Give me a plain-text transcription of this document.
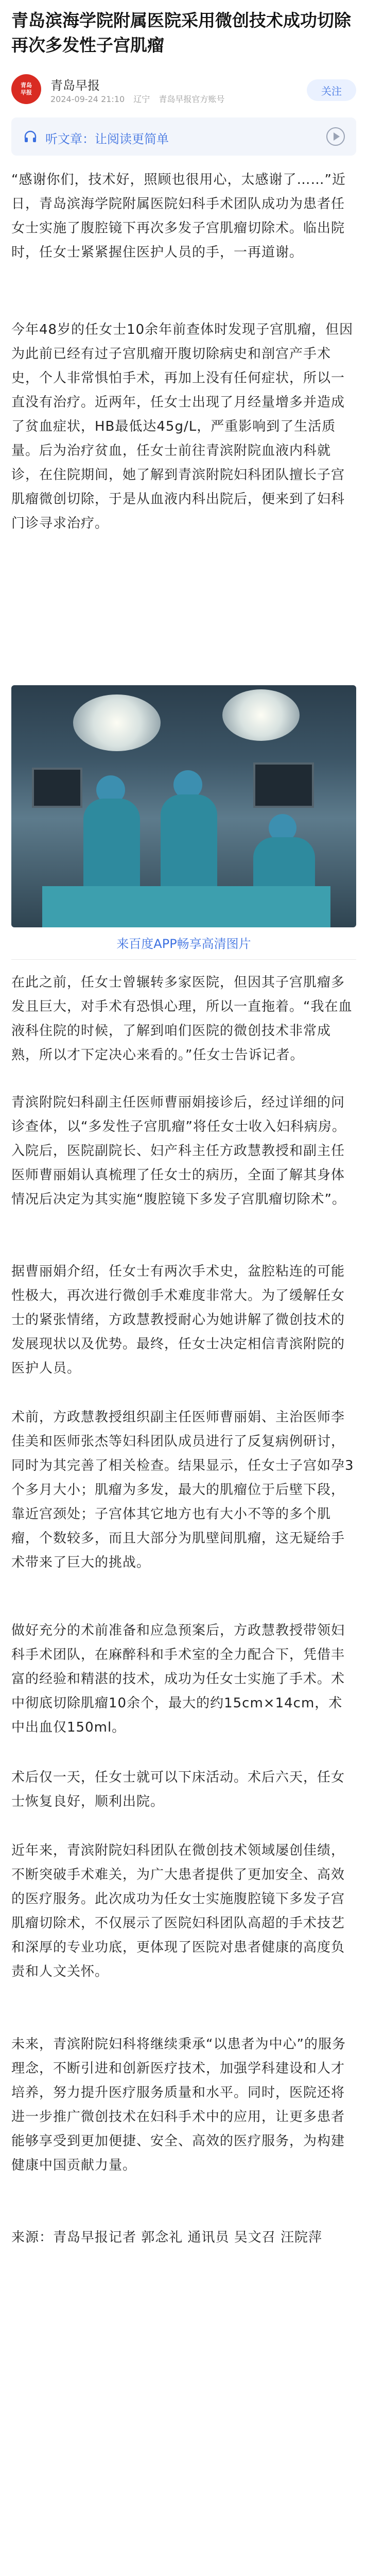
青岛滨海学院附属医院采用微创技术成功切除再次多发性子宫肌瘤
青岛
早报 青岛早报
2024-09-24 21:10 辽宁 青岛早报官方账号
关注
听文章：让阅读更简单

“感谢你们，技术好，照顾也很用心，太感谢了……”近日，青岛滨海学院附属医院妇科手术团队成功为患者任女士实施了腹腔镜下再次多发子宫肌瘤切除术。临出院时，任女士紧紧握住医护人员的手，一再道谢。

今年48岁的任女士10余年前查体时发现子宫肌瘤，但因为此前已经有过子宫肌瘤开腹切除病史和剖宫产手术史，个人非常惧怕手术，再加上没有任何症状，所以一直没有治疗。近两年，任女士出现了月经量增多并造成了贫血症状，HB最低达45g/L，严重影响到了生活质量。后为治疗贫血，任女士前往青滨附院血液内科就诊，在住院期间，她了解到青滨附院妇科团队擅长子宫肌瘤微创切除，于是从血液内科出院后，便来到了妇科门诊寻求治疗。

来百度APP畅享高清图片

在此之前，任女士曾辗转多家医院，但因其子宫肌瘤多发且巨大，对手术有恐惧心理，所以一直拖着。“我在血液科住院的时候，了解到咱们医院的微创技术非常成熟，所以才下定决心来看的。”任女士告诉记者。

青滨附院妇科副主任医师曹丽娟接诊后，经过详细的问诊查体，以“多发性子宫肌瘤”将任女士收入妇科病房。入院后，医院副院长、妇产科主任方政慧教授和副主任医师曹丽娟认真梳理了任女士的病历，全面了解其身体情况后决定为其实施“腹腔镜下多发子宫肌瘤切除术”。

据曹丽娟介绍，任女士有两次手术史，盆腔粘连的可能性极大，再次进行微创手术难度非常大。为了缓解任女士的紧张情绪，方政慧教授耐心为她讲解了微创技术的发展现状以及优势。最终，任女士决定相信青滨附院的医护人员。

术前，方政慧教授组织副主任医师曹丽娟、主治医师李佳美和医师张杰等妇科团队成员进行了反复病例研讨，同时为其完善了相关检查。结果显示，任女士子宫如孕3个多月大小；肌瘤为多发，最大的肌瘤位于后壁下段，靠近宫颈处；子宫体其它地方也有大小不等的多个肌瘤，个数较多，而且大部分为肌壁间肌瘤，这无疑给手术带来了巨大的挑战。

做好充分的术前准备和应急预案后，方政慧教授带领妇科手术团队，在麻醉科和手术室的全力配合下，凭借丰富的经验和精湛的技术，成功为任女士实施了手术。术中彻底切除肌瘤10余个，最大的约15cm×14cm，术中出血仅150ml。

术后仅一天，任女士就可以下床活动。术后六天，任女士恢复良好，顺利出院。

近年来，青滨附院妇科团队在微创技术领域屡创佳绩，不断突破手术难关，为广大患者提供了更加安全、高效的医疗服务。此次成功为任女士实施腹腔镜下多发子宫肌瘤切除术，不仅展示了医院妇科团队高超的手术技艺和深厚的专业功底，更体现了医院对患者健康的高度负责和人文关怀。

未来，青滨附院妇科将继续秉承“以患者为中心”的服务理念，不断引进和创新医疗技术，加强学科建设和人才培养，努力提升医疗服务质量和水平。同时，医院还将进一步推广微创技术在妇科手术中的应用，让更多患者能够享受到更加便捷、安全、高效的医疗服务，为构建健康中国贡献力量。

来源：青岛早报记者 郭念礼 通讯员 吴文召 汪院萍
